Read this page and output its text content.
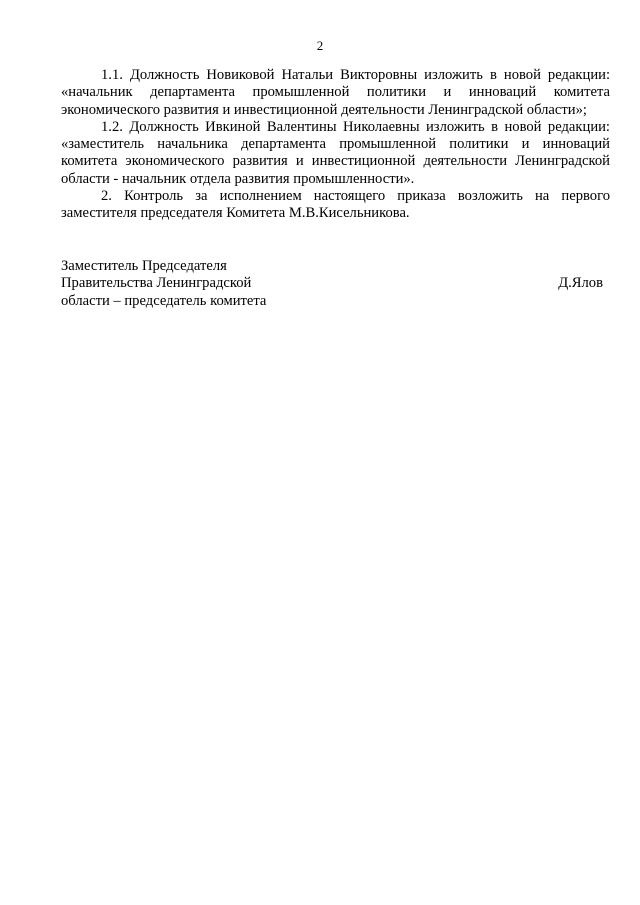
2

1.1. Должность Новиковой Натальи Викторовны изложить в новой редакции: «начальник департамента промышленной политики и инноваций комитета экономического развития и инвестиционной деятельности Ленинградской области»;

1.2. Должность Ивкиной Валентины Николаевны изложить в новой редакции: «заместитель начальника департамента промышленной политики и инноваций комитета экономического развития и инвестиционной деятельности Ленинградской области - начальник отдела развития промышленности».

2. Контроль за исполнением настоящего приказа возложить на первого заместителя председателя Комитета М.В.Кисельникова.

Заместитель Председателя
Правительства Ленинградской
области – председатель комитета
Д.Ялов
